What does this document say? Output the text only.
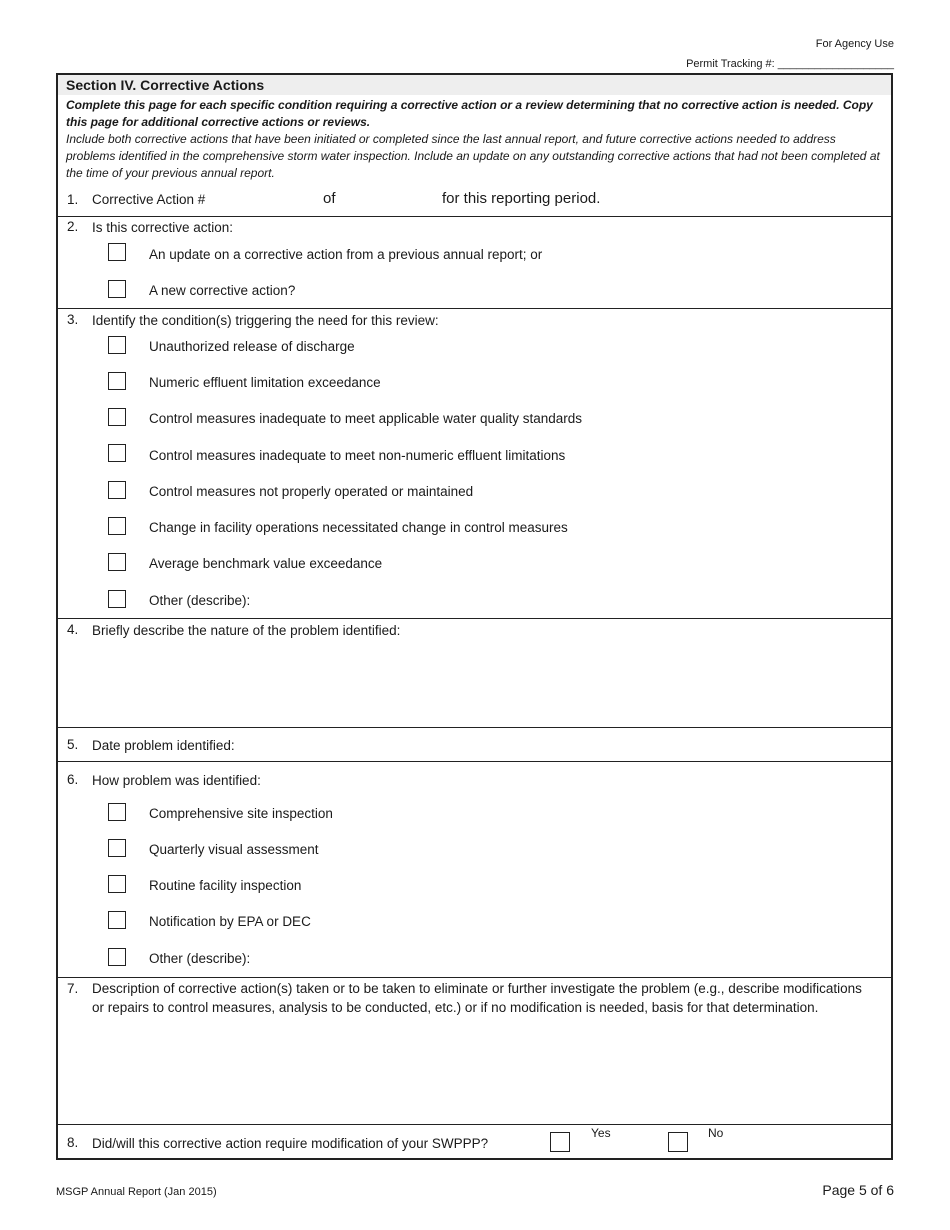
For Agency Use
Permit Tracking #: ___________________
Section IV. Corrective Actions
Complete this page for each specific condition requiring a corrective action or a review determining that no corrective action is needed. Copy this page for additional corrective actions or reviews.
Include both corrective actions that have been initiated or completed since the last annual report, and future corrective actions needed to address problems identified in the comprehensive storm water inspection. Include an update on any outstanding corrective actions that had not been completed at the time of your previous annual report.
1. Corrective Action #	of	for this reporting period.
2. Is this corrective action:
An update on a corrective action from a previous annual report; or
A new corrective action?
3. Identify the condition(s) triggering the need for this review:
Unauthorized release of discharge
Numeric effluent limitation exceedance
Control measures inadequate to meet applicable water quality standards
Control measures inadequate to meet non-numeric effluent limitations
Control measures not properly operated or maintained
Change in facility operations necessitated change in control measures
Average benchmark value exceedance
Other (describe):
4. Briefly describe the nature of the problem identified:
5. Date problem identified:
6. How problem was identified:
Comprehensive site inspection
Quarterly visual assessment
Routine facility inspection
Notification by EPA or DEC
Other (describe):
7. Description of corrective action(s) taken or to be taken to eliminate or further investigate the problem (e.g., describe modifications or repairs to control measures, analysis to be conducted, etc.) or if no modification is needed, basis for that determination.
8. Did/will this corrective action require modification of your SWPPP?
Yes	No
MSGP Annual Report (Jan 2015)	Page 5 of 6
